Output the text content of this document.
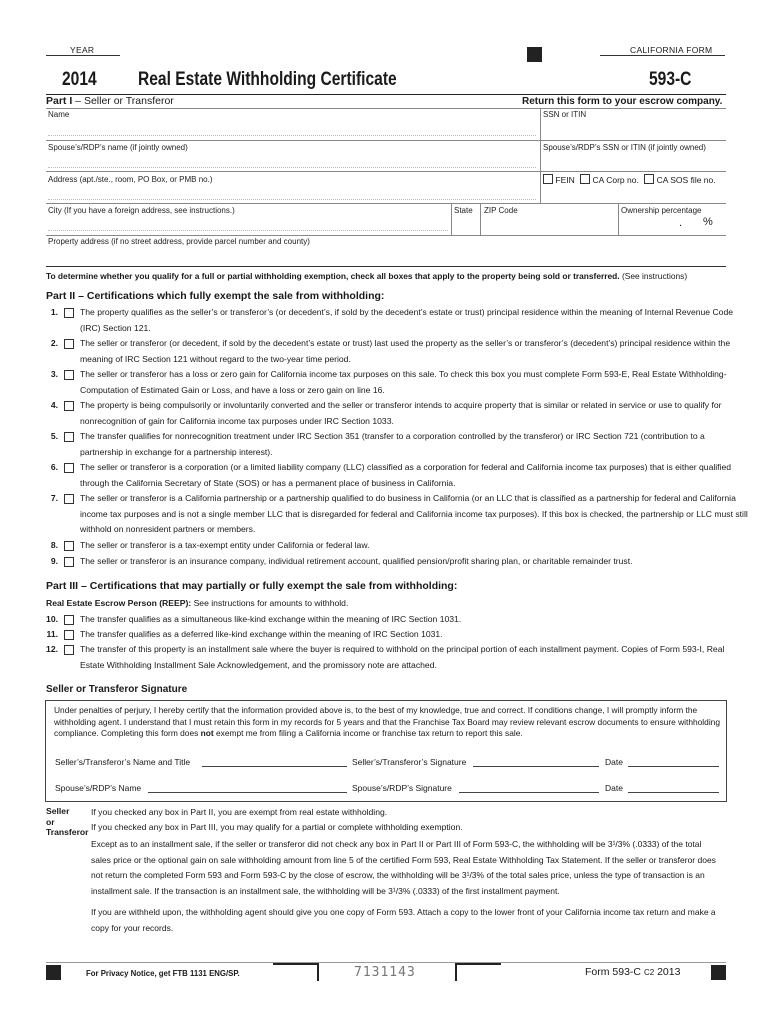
YEAR	CALIFORNIA FORM
2014 Real Estate Withholding Certificate	593-C
Part I – Seller or Transferor	Return this form to your escrow company.
Name	SSN or ITIN
Spouse’s/RDP’s name (if jointly owned)	Spouse’s/RDP’s SSN or ITIN (if jointly owned)
Address (apt./ste., room, PO Box, or PMB no.)	FEIN CA Corp no. CA SOS file no.
City (If you have a foreign address, see instructions.)	State ZIP Code	Ownership percentage
. %
Property address (if no street address, provide parcel number and county)
To determine whether you qualify for a full or partial withholding exemption, check all boxes that apply to the property being sold or transferred. (See instructions)
Part II – Certifications which fully exempt the sale from withholding:
1.	The property qualifies as the seller’s or transferor’s (or decedent’s, if sold by the decedent’s estate or trust) principal residence within the meaning of Internal Revenue Code (IRC) Section 121.
2.	The seller or transferor (or decedent, if sold by the decedent’s estate or trust) last used the property as the seller’s or transferor’s (decedent’s) principal residence within the meaning of IRC Section 121 without regard to the two-year time period.
3.	The seller or transferor has a loss or zero gain for California income tax purposes on this sale. To check this box you must complete Form 593-E, Real Estate Withholding-Computation of Estimated Gain or Loss, and have a loss or zero gain on line 16.
4.	The property is being compulsorily or involuntarily converted and the seller or transferor intends to acquire property that is similar or related in service or use to qualify for nonrecognition of gain for California income tax purposes under IRC Section 1033.
5.	The transfer qualifies for nonrecognition treatment under IRC Section 351 (transfer to a corporation controlled by the transferor) or IRC Section 721 (contribution to a partnership in exchange for a partnership interest).
6.	The seller or transferor is a corporation (or a limited liability company (LLC) classified as a corporation for federal and California income tax purposes) that is either qualified through the California Secretary of State (SOS) or has a permanent place of business in California.
7.	The seller or transferor is a California partnership or a partnership qualified to do business in California (or an LLC that is classified as a partnership for federal and California income tax purposes and is not a single member LLC that is disregarded for federal and California income tax purposes). If this box is checked, the partnership or LLC must still withhold on nonresident partners or members.
8.	The seller or transferor is a tax-exempt entity under California or federal law.
9.	The seller or transferor is an insurance company, individual retirement account, qualified pension/profit sharing plan, or charitable remainder trust.
Part III – Certifications that may partially or fully exempt the sale from withholding:
Real Estate Escrow Person (REEP): See instructions for amounts to withhold.
10.	The transfer qualifies as a simultaneous like-kind exchange within the meaning of IRC Section 1031.
11.	The transfer qualifies as a deferred like-kind exchange within the meaning of IRC Section 1031.
12.	The transfer of this property is an installment sale where the buyer is required to withhold on the principal portion of each installment payment. Copies of Form 593-I, Real Estate Withholding Installment Sale Acknowledgement, and the promissory note are attached.
Seller or Transferor Signature
Under penalties of perjury, I hereby certify that the information provided above is, to the best of my knowledge, true and correct. If conditions change, I will promptly inform the withholding agent. I understand that I must retain this form in my records for 5 years and that the Franchise Tax Board may review relevant escrow documents to ensure withholding compliance. Completing this form does not exempt me from filing a California income or franchise tax return to report this sale.
Seller’s/Transferor’s Name and Title	Seller’s/Transferor’s Signature	Date
Spouse’s/RDP’s Name	Spouse’s/RDP’s Signature	Date
Seller
or
Transferor
If you checked any box in Part II, you are exempt from real estate withholding.
If you checked any box in Part III, you may qualify for a partial or complete withholding exemption.
Except as to an installment sale, if the seller or transferor did not check any box in Part II or Part III of Form 593-C, the withholding will be 3¹/3% (.0333) of the total sales price or the optional gain on sale withholding amount from line 5 of the certified Form 593, Real Estate Withholding Tax Statement. If the seller or transferor does not return the completed Form 593 and Form 593-C by the close of escrow, the withholding will be 3¹/3% of the total sales price, unless the type of transaction is an installment sale. If the transaction is an installment sale, the withholding will be 3¹/3% (.0333) of the first installment payment.
If you are withheld upon, the withholding agent should give you one copy of Form 593. Attach a copy to the lower front of your California income tax return and make a copy for your records.
For Privacy Notice, get FTB 1131 ENG/SP.	7131143	Form 593-C C2 2013
